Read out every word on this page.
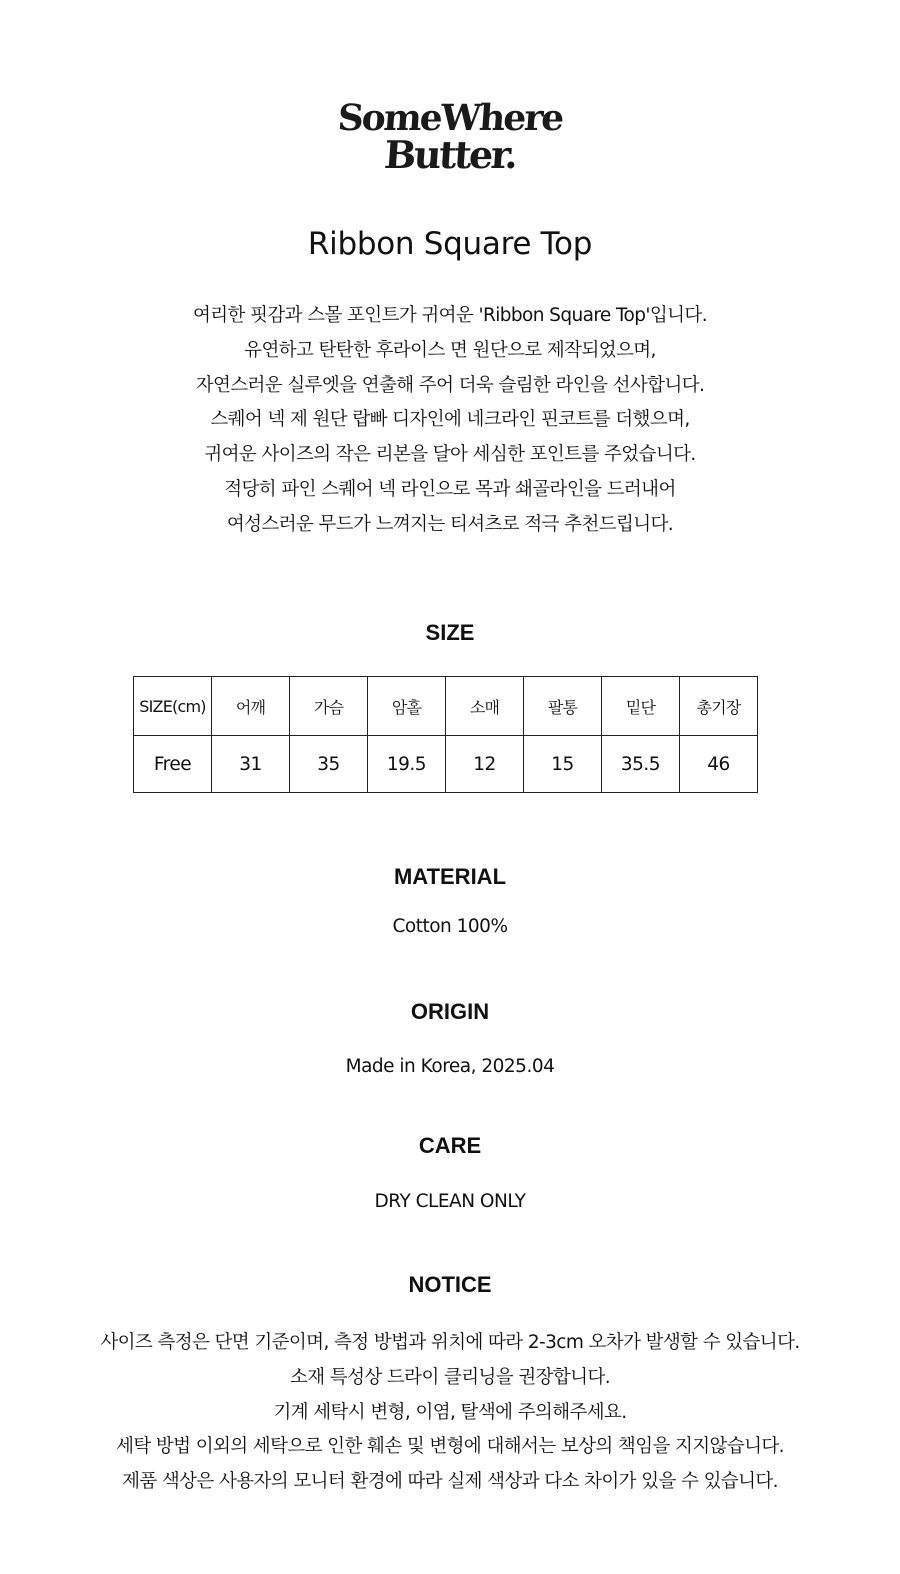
SomeWhere
Butter.
Ribbon Square Top
여리한 핏감과 스몰 포인트가 귀여운 'Ribbon Square Top'입니다.
유연하고 탄탄한 후라이스 면 원단으로 제작되었으며,
자연스러운 실루엣을 연출해 주어 더욱 슬림한 라인을 선사합니다.
스퀘어 넥 제 원단 랍빠 디자인에 네크라인 핀코트를 더했으며,
귀여운 사이즈의 작은 리본을 달아 세심한 포인트를 주었습니다.
적당히 파인 스퀘어 넥 라인으로 목과 쇄골라인을 드러내어
여성스러운 무드가 느껴지는 티셔츠로 적극 추천드립니다.
SIZE
SIZE(cm)	어깨	가슴	암홀	소매	팔통	밑단	총기장
Free	31	35	19.5	12	15	35.5	46
MATERIAL
Cotton 100%
ORIGIN
Made in Korea, 2025.04
CARE
DRY CLEAN ONLY
NOTICE
사이즈 측정은 단면 기준이며, 측정 방법과 위치에 따라 2-3cm 오차가 발생할 수 있습니다.
소재 특성상 드라이 클리닝을 권장합니다.
기계 세탁시 변형, 이염, 탈색에 주의해주세요.
세탁 방법 이외의 세탁으로 인한 훼손 및 변형에 대해서는 보상의 책임을 지지않습니다.
제품 색상은 사용자의 모니터 환경에 따라 실제 색상과 다소 차이가 있을 수 있습니다.
